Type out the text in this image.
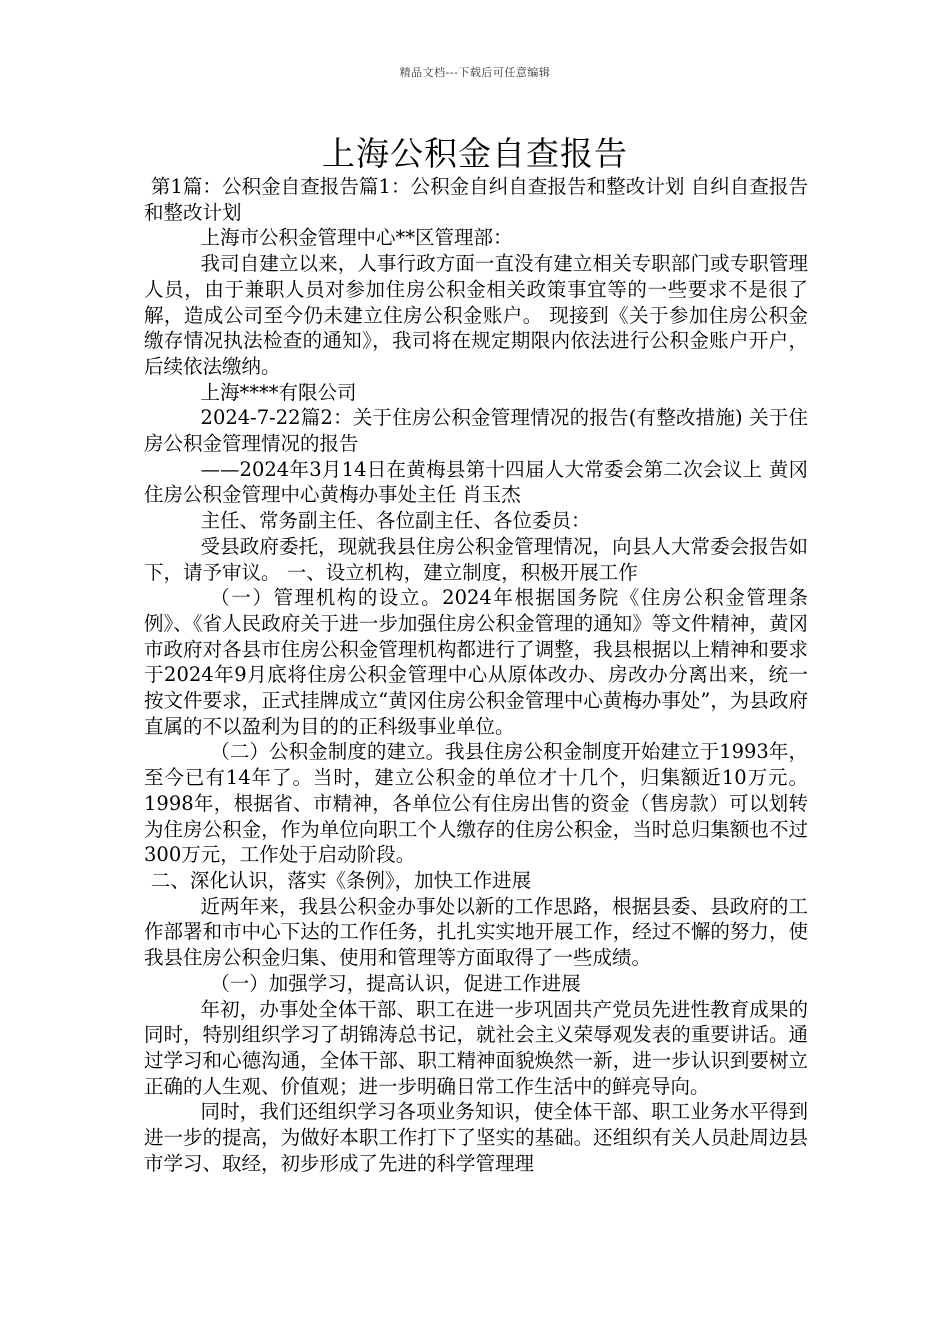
精品文档---下载后可任意编辑
上海公积金自查报告

第1篇：公积金自查报告篇1：公积金自纠自查报告和整改计划 自纠自查报告和整改计划

上海市公积金管理中心**区管理部：

我司自建立以来，人事行政方面一直没有建立相关专职部门或专职管理人员，由于兼职人员对参加住房公积金相关政策事宜等的一些要求不是很了解，造成公司至今仍未建立住房公积金账户。 现接到《关于参加住房公积金缴存情况执法检查的通知》，我司将在规定期限内依法进行公积金账户开户，后续依法缴纳。

上海****有限公司

2024-7-22篇2：关于住房公积金管理情况的报告(有整改措施) 关于住房公积金管理情况的报告

——2024年3月14日在黄梅县第十四届人大常委会第二次会议上 黄冈住房公积金管理中心黄梅办事处主任 肖玉杰

主任、常务副主任、各位副主任、各位委员：

受县政府委托，现就我县住房公积金管理情况，向县人大常委会报告如下，请予审议。 一、设立机构，建立制度，积极开展工作

（一）管理机构的设立。2024年根据国务院《住房公积金管理条例》、《省人民政府关于进一步加强住房公积金管理的通知》等文件精神，黄冈市政府对各县市住房公积金管理机构都进行了调整，我县根据以上精神和要求于2024年9月底将住房公积金管理中心从原体改办、房改办分离出来，统一按文件要求，正式挂牌成立“黄冈住房公积金管理中心黄梅办事处”，为县政府直属的不以盈利为目的的正科级事业单位。

（二）公积金制度的建立。我县住房公积金制度开始建立于1993年，至今已有14年了。当时，建立公积金的单位才十几个，归集额近10万元。1998年，根据省、市精神，各单位公有住房出售的资金（售房款）可以划转为住房公积金，作为单位向职工个人缴存的住房公积金，当时总归集额也不过300万元，工作处于启动阶段。

二、深化认识，落实《条例》，加快工作进展

近两年来，我县公积金办事处以新的工作思路，根据县委、县政府的工作部署和市中心下达的工作任务，扎扎实实地开展工作，经过不懈的努力，使我县住房公积金归集、使用和管理等方面取得了一些成绩。

（一）加强学习，提高认识，促进工作进展

年初，办事处全体干部、职工在进一步巩固共产党员先进性教育成果的同时，特别组织学习了胡锦涛总书记，就社会主义荣辱观发表的重要讲话。通过学习和心德沟通，全体干部、职工精神面貌焕然一新，进一步认识到要树立正确的人生观、价值观；进一步明确日常工作生活中的鲜亮导向。

同时，我们还组织学习各项业务知识，使全体干部、职工业务水平得到进一步的提高，为做好本职工作打下了坚实的基础。还组织有关人员赴周边县市学习、取经，初步形成了先进的科学管理理
